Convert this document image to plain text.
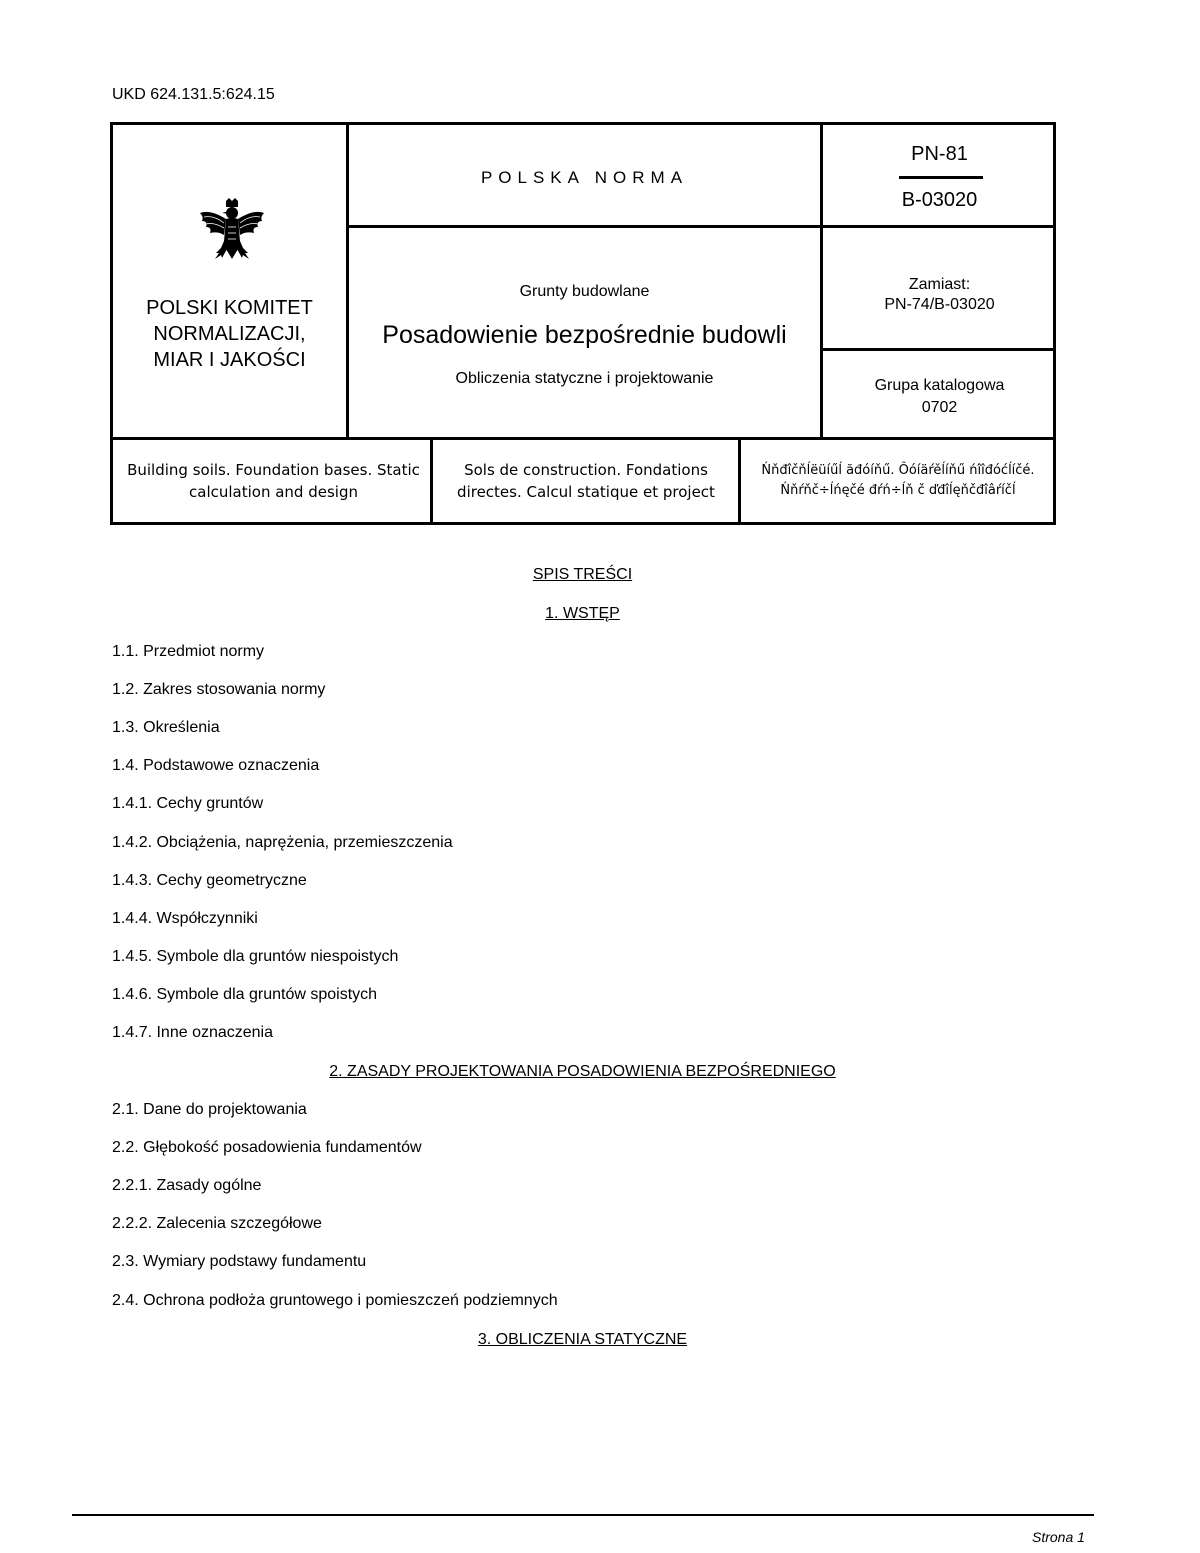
UKD 624.131.5:624.15
POLSKI KOMITET
NORMALIZACJI,
MIAR I JAKOŚCI
POLSKA NORMA
Grunty budowlane
Posadowienie bezpośrednie budowli
Obliczenia statyczne i projektowanie
PN-81
B-03020
Zamiast:
PN-74/B-03020
Grupa katalogowa
0702
Building soils. Foundation bases. Static calculation and design
Sols de construction. Fondations directes. Calcul statique et project
Ńňđîčňĺëüíűĺ ăđóíňű. Ôóíäŕěĺíňű ńîîđóćĺíčé. Ńňŕňč÷ĺńęčé đŕń÷ĺň č ďđîĺęňčđîâŕíčĺ
SPIS TREŚCI
1. WSTĘP
1.1. Przedmiot normy
1.2. Zakres stosowania normy
1.3. Określenia
1.4. Podstawowe oznaczenia
1.4.1. Cechy gruntów
1.4.2. Obciążenia, naprężenia, przemieszczenia
1.4.3. Cechy geometryczne
1.4.4. Współczynniki
1.4.5. Symbole dla gruntów niespoistych
1.4.6. Symbole dla gruntów spoistych
1.4.7. Inne oznaczenia
2. ZASADY PROJEKTOWANIA POSADOWIENIA BEZPOŚREDNIEGO
2.1. Dane do projektowania
2.2. Głębokość posadowienia fundamentów
2.2.1. Zasady ogólne
2.2.2. Zalecenia szczegółowe
2.3. Wymiary podstawy fundamentu
2.4. Ochrona podłoża gruntowego i pomieszczeń podziemnych
3. OBLICZENIA STATYCZNE
Strona 1
